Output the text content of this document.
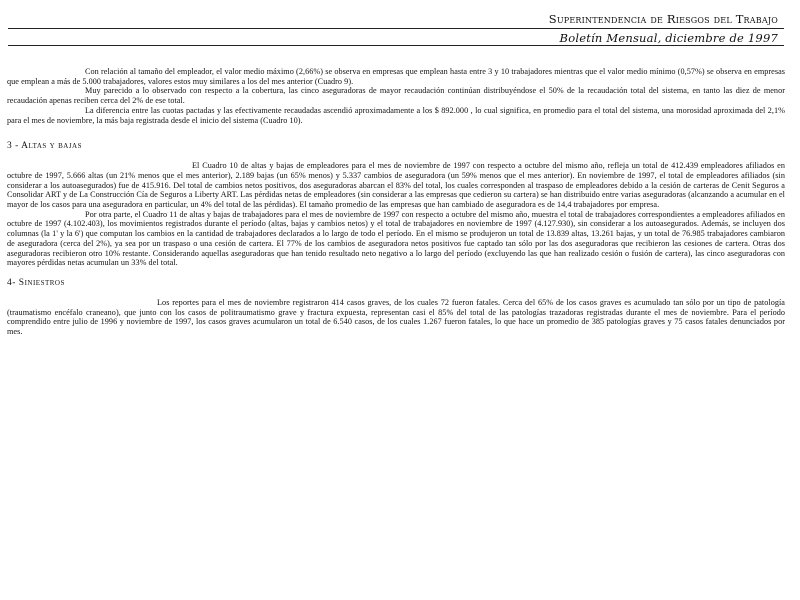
Superintendencia de Riesgos del Trabajo
Boletín Mensual, diciembre de 1997

Con relación al tamaño del empleador, el valor medio máximo (2,66%) se observa en empresas que emplean hasta entre 3 y 10 trabajadores mientras que el valor medio mínimo (0,57%) se observa en empresas que emplean a más de 5.000 trabajadores, valores estos muy similares a los del mes anterior (Cuadro 9).

Muy parecido a lo observado con respecto a la cobertura, las cinco aseguradoras de mayor recaudación continúan distribuyéndose el 50% de la recaudación total del sistema, en tanto las diez de menor recaudación apenas reciben cerca del 2% de ese total.

La diferencia entre las cuotas pactadas y las efectivamente recaudadas ascendió aproximadamente a los $ 892.000 , lo cual significa, en promedio para el total del sistema, una morosidad aproximada del 2,1% para el mes de noviembre, la más baja registrada desde el inicio del sistema (Cuadro 10).

3 - Altas y bajas

El Cuadro 10 de altas y bajas de empleadores para el mes de noviembre de 1997 con respecto a octubre del mismo año, refleja un total de 412.439 empleadores afiliados en octubre de 1997, 5.666 altas (un 21% menos que el mes anterior), 2.189 bajas (un 65% menos) y 5.337 cambios de aseguradora (un 59% menos que el mes anterior). En noviembre de 1997, el total de empleadores afiliados (sin considerar a los autoasegurados) fue de 415.916. Del total de cambios netos positivos, dos aseguradoras abarcan el 83% del total, los cuales corresponden al traspaso de empleadores debido a la cesión de carteras de Cenit Seguros a Consolidar ART y de La Construcción Cía de Seguros a Liberty ART. Las pérdidas netas de empleadores (sin considerar a las empresas que cedieron su cartera) se han distribuido entre varias aseguradoras (alcanzando a acumular en el mayor de los casos para una aseguradora en particular, un 4% del total de las pérdidas). El tamaño promedio de las empresas que han cambiado de aseguradora es de 14,4 trabajadores por empresa.

Por otra parte, el Cuadro 11 de altas y bajas de trabajadores para el mes de noviembre de 1997 con respecto a octubre del mismo año, muestra el total de trabajadores correspondientes a empleadores afiliados en octubre de 1997 (4.102.403), los movimientos registrados durante el período (altas, bajas y cambios netos) y el total de trabajadores en noviembre de 1997 (4.127.930), sin considerar a los autoasegurados. Además, se incluyen dos columnas (la 1' y la 6') que computan los cambios en la cantidad de trabajadores declarados a lo largo de todo el período. En el mismo se produjeron un total de 13.839 altas, 13.261 bajas, y un total de 76.985 trabajadores cambiaron de aseguradora (cerca del 2%), ya sea por un traspaso o una cesión de cartera. El 77% de los cambios de aseguradora netos positivos fue captado tan sólo por las dos aseguradoras que recibieron las cesiones de cartera. Otras dos aseguradoras recibieron otro 10% restante. Considerando aquellas aseguradoras que han tenido resultado neto negativo a lo largo del período (excluyendo las que han realizado cesión o fusión de cartera), las cinco aseguradoras con mayores pérdidas netas acumulan un 33% del total.

4- Siniestros

Los reportes para el mes de noviembre registraron 414 casos graves, de los cuales 72 fueron fatales. Cerca del 65% de los casos graves es acumulado tan sólo por un tipo de patología (traumatismo encéfalo craneano), que junto con los casos de politraumatismo grave y fractura expuesta, representan casi el 85% del total de las patologías trazadoras registradas durante el mes de noviembre. Para el período comprendido entre julio de 1996 y noviembre de 1997, los casos graves acumularon un total de 6.540 casos, de los cuales 1.267 fueron fatales, lo que hace un promedio de 385 patologías graves y 75 casos fatales denunciados por mes.
